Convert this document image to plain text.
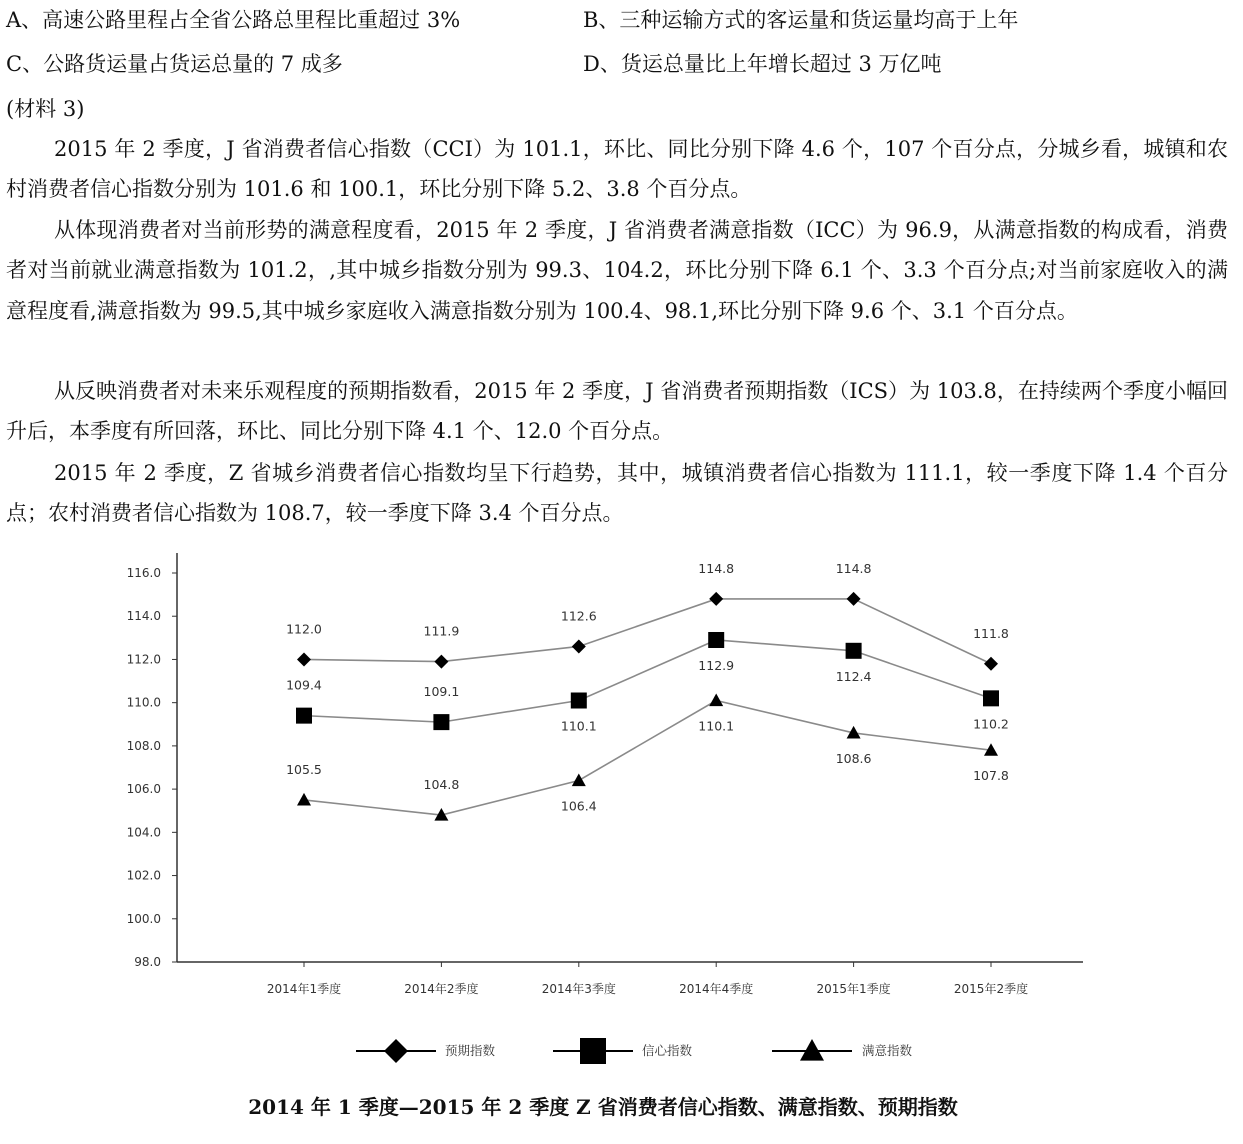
A、高速公路里程占全省公路总里程比重超过 3%	B、三种运输方式的客运量和货运量均高于上年
C、公路货运量占货运总量的 7 成多	D、货运总量比上年增长超过 3 万亿吨
(材料 3)

2015 年 2 季度，J 省消费者信心指数（CCI）为 101.1，环比、同比分别下降 4.6 个，107 个百分点，分城乡看，城镇和农村消费者信心指数分别为 101.6 和 100.1，环比分别下降 5.2、3.8 个百分点。

从体现消费者对当前形势的满意程度看，2015 年 2 季度，J 省消费者满意指数（ICC）为 96.9，从满意指数的构成看，消费者对当前就业满意指数为 101.2，,其中城乡指数分别为 99.3、104.2，环比分别下降 6.1 个、3.3 个百分点;对当前家庭收入的满意程度看,满意指数为 99.5,其中城乡家庭收入满意指数分别为 100.4、98.1,环比分别下降 9.6 个、3.1 个百分点。

从反映消费者对未来乐观程度的预期指数看，2015 年 2 季度，J 省消费者预期指数（ICS）为 103.8，在持续两个季度小幅回升后，本季度有所回落，环比、同比分别下降 4.1 个、12.0 个百分点。

2015 年 2 季度，Z 省城乡消费者信心指数均呈下行趋势，其中，城镇消费者信心指数为 111.1，较一季度下降 1.4 个百分点；农村消费者信心指数为 108.7，较一季度下降 3.4 个百分点。

98.0
100.0
102.0
104.0
106.0
108.0
110.0
112.0
114.0
116.0
2014年1季度	2014年2季度	2014年3季度	2014年4季度	2015年1季度	2015年2季度
112.0	111.9
112.6
114.8	114.8
111.8
109.4	109.1
110.1
112.9
112.4
110.2
105.5
104.8
106.4
110.1
108.6
107.8
预期指数	信心指数	满意指数
2014 年 1 季度—2015 年 2 季度 Z 省消费者信心指数、满意指数、预期指数
